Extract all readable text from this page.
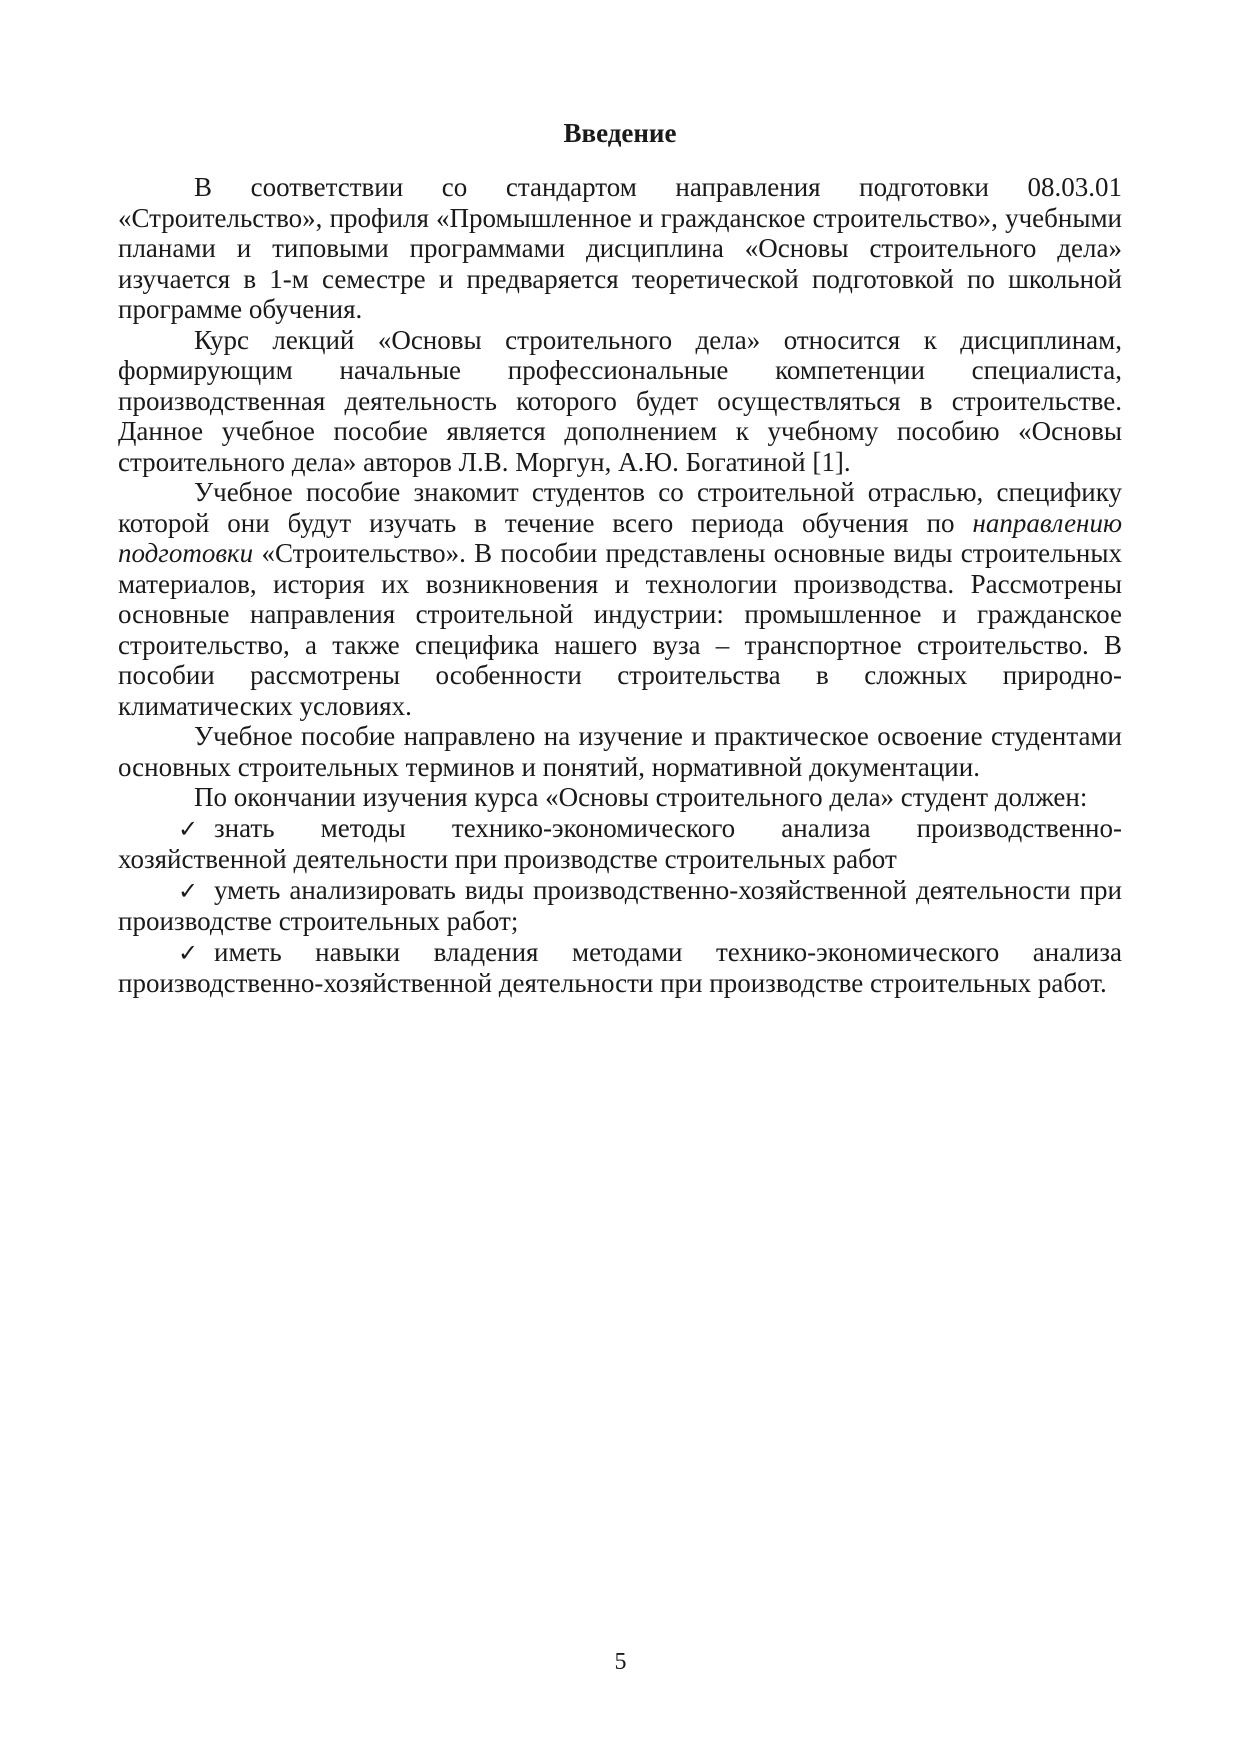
Введение

В соответствии со стандартом направления подготовки 08.03.01 «Строительство», профиля «Промышленное и гражданское строительство», учебными планами и типовыми программами дисциплина «Основы строительного дела» изучается в 1-м семестре и предваряется теоретической подготовкой по школьной программе обучения.

Курс лекций «Основы строительного дела» относится к дисциплинам, формирующим начальные профессиональные компетенции специалиста, производственная деятельность которого будет осуществляться в строительстве. Данное учебное пособие является дополнением к учебному пособию «Основы строительного дела» авторов Л.В. Моргун, А.Ю. Богатиной [1].

Учебное пособие знакомит студентов со строительной отраслью, специфику которой они будут изучать в течение всего периода обучения по направлению подготовки «Строительство». В пособии представлены основные виды строительных материалов, история их возникновения и технологии производства. Рассмотрены основные направления строительной индустрии: промышленное и гражданское строительство, а также специфика нашего вуза – транспортное строительство. В пособии рассмотрены особенности строительства в сложных природно-климатических условиях.

Учебное пособие направлено на изучение и практическое освоение студентами основных строительных терминов и понятий, нормативной документации.

По окончании изучения курса «Основы строительного дела» студент должен:

✓ знать методы технико-экономического анализа производственно-хозяйственной деятельности при производстве строительных работ

✓ уметь анализировать виды производственно-хозяйственной деятельности при производстве строительных работ;

✓ иметь навыки владения методами технико-экономического анализа производственно-хозяйственной деятельности при производстве строительных работ.

5
